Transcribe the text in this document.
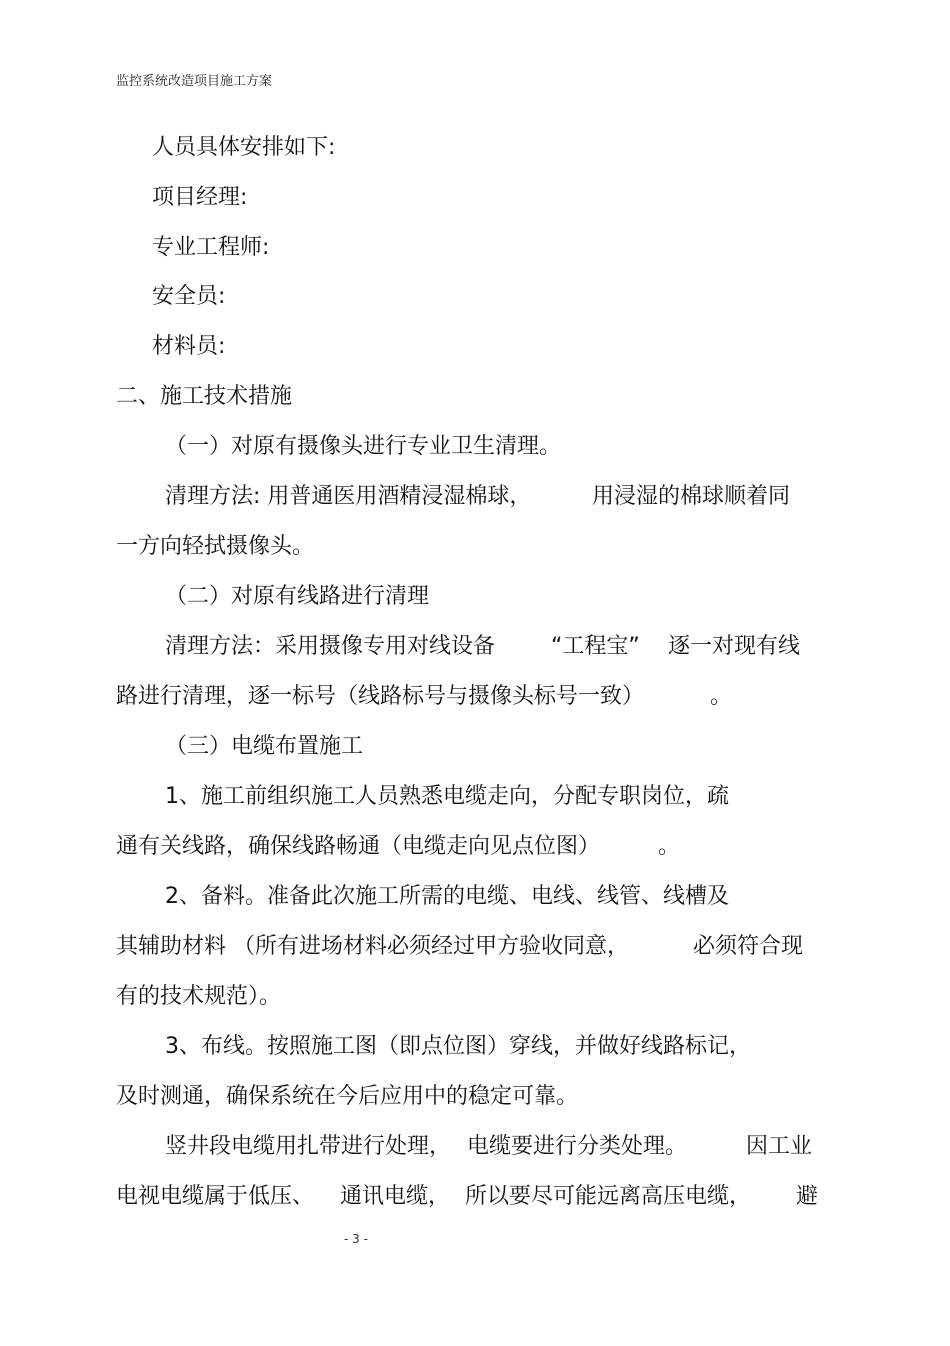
监控系统改造项目施工方案
人员具体安排如下:
项目经理:
专业工程师:
安全员:
材料员:
二、施工技术措施
（一）对原有摄像头进行专业卫生清理。
清理方法: 用普通医用酒精浸湿棉球，	用浸湿的棉球顺着同
一方向轻拭摄像头。
（二）对原有线路进行清理
清理方法：采用摄像专用对线设备	“工程宝” 逐一对现有线
路进行清理，逐一标号（线路标号与摄像头标号一致）	。
（三）电缆布置施工
1、施工前组织施工人员熟悉电缆走向，分配专职岗位，疏
通有关线路，确保线路畅通（电缆走向见点位图）	。
2、备料。准备此次施工所需的电缆、电线、线管、线槽及
其辅助材料 （所有进场材料必须经过甲方验收同意，	必须符合现
有的技术规范）。
3、布线。按照施工图（即点位图）穿线，并做好线路标记，
及时测通，确保系统在今后应用中的稳定可靠。
竖井段电缆用扎带进行处理， 电缆要进行分类处理。	因工业
电视电缆属于低压、 通讯电缆， 所以要尽可能远离高压电缆， 避
- 3 -
